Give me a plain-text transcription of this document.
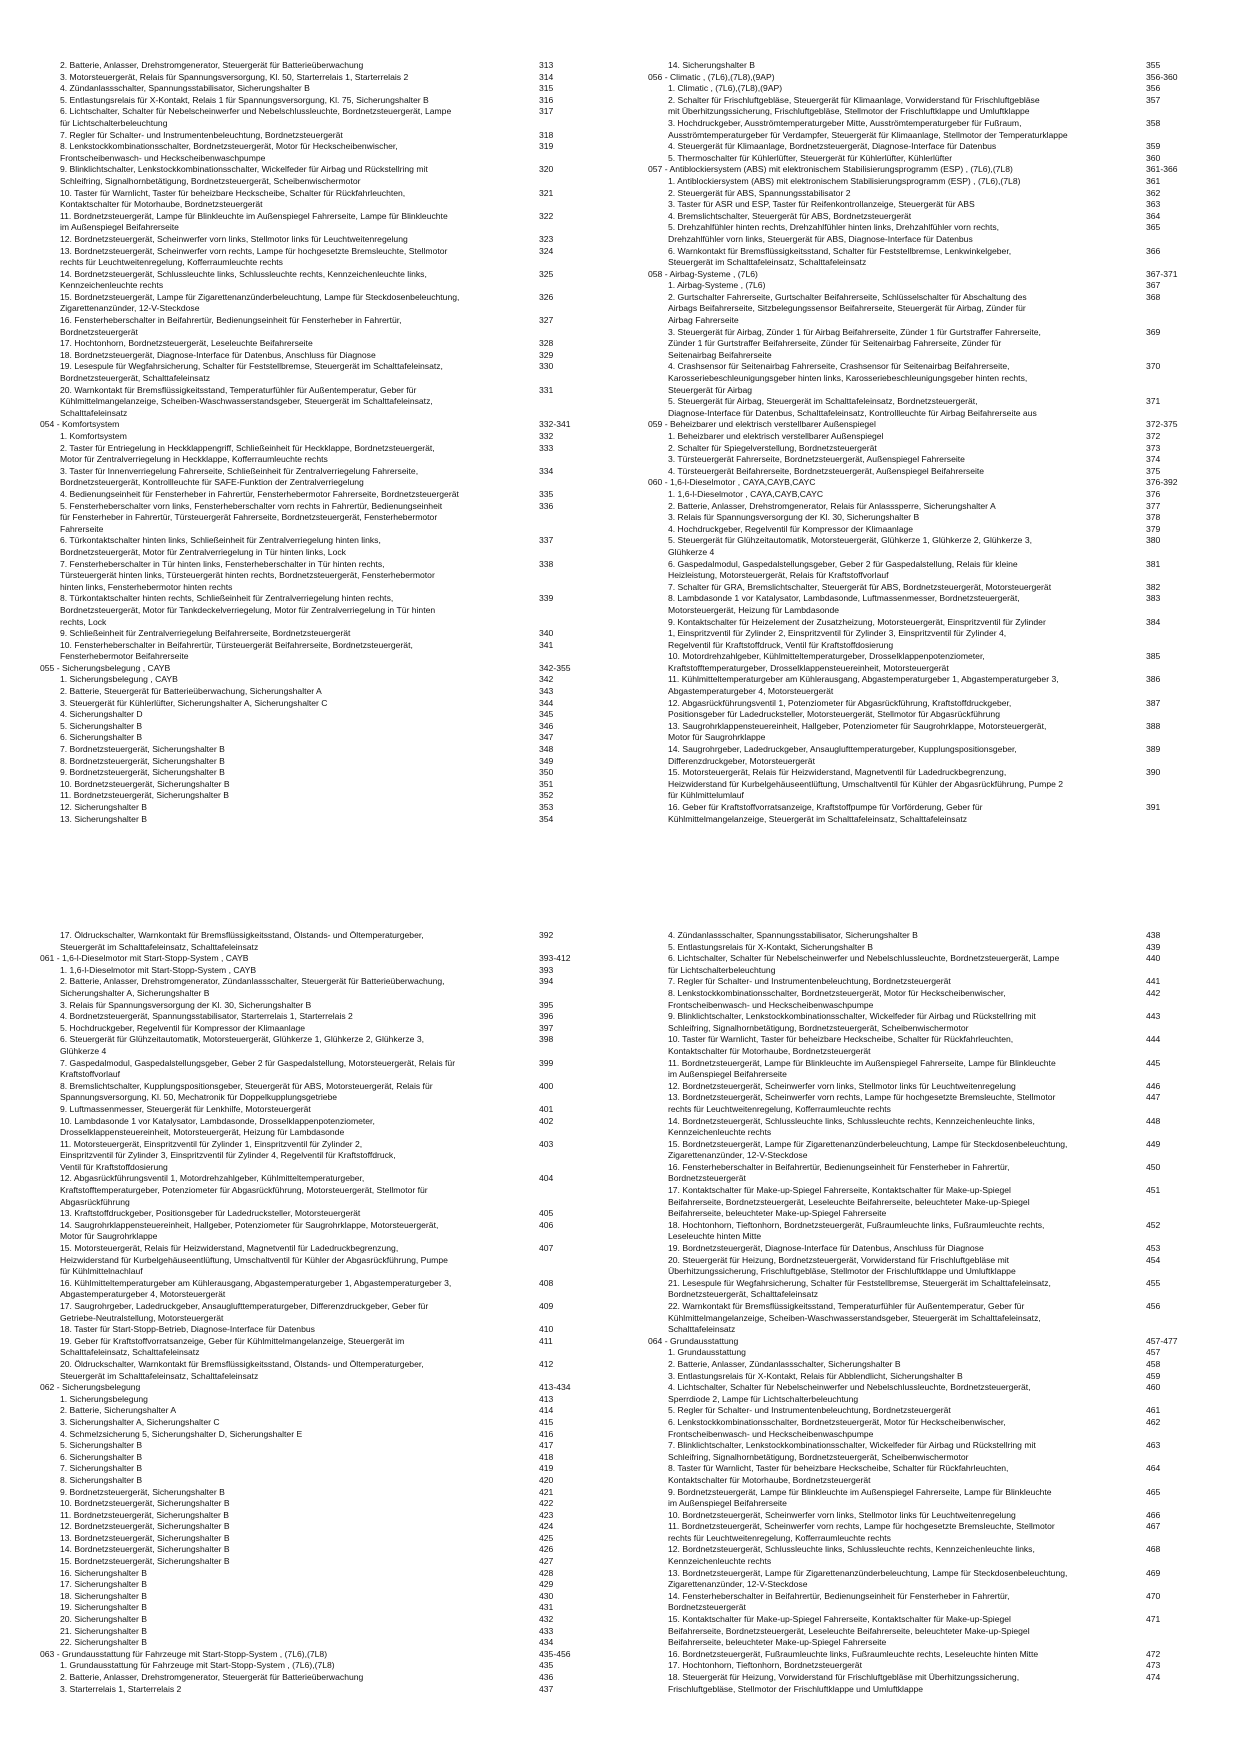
2. Batterie, Anlasser, Drehstromgenerator, Steuergerät für Batterieüberwachung	313

3. Motorsteuergerät, Relais für Spannungsversorgung, Kl. 50, Starterrelais 1, Starterrelais 2	314

4. Zündanlassschalter, Spannungsstabilisator, Sicherungshalter B	315

5. Entlastungsrelais für X-Kontakt, Relais 1 für Spannungsversorgung, Kl. 75, Sicherungshalter B	316

6. Lichtschalter, Schalter für Nebelscheinwerfer und Nebelschlussleuchte, Bordnetzsteuergerät, Lampe	317

für Lichtschalterbeleuchtung

7. Regler für Schalter- und Instrumentenbeleuchtung, Bordnetzsteuergerät	318

8. Lenkstockkombinationsschalter, Bordnetzsteuergerät, Motor für Heckscheibenwischer,	319

Frontscheibenwasch- und Heckscheibenwaschpumpe

9. Blinklichtschalter, Lenkstockkombinationsschalter, Wickelfeder für Airbag und Rückstellring mit	320

Schleifring, Signalhornbetätigung, Bordnetzsteuergerät, Scheibenwischermotor

10. Taster für Warnlicht, Taster für beheizbare Heckscheibe, Schalter für Rückfahrleuchten,	321

Kontaktschalter für Motorhaube, Bordnetzsteuergerät

11. Bordnetzsteuergerät, Lampe für Blinkleuchte im Außenspiegel Fahrerseite, Lampe für Blinkleuchte	322

im Außenspiegel Beifahrerseite

12. Bordnetzsteuergerät, Scheinwerfer vorn links, Stellmotor links für Leuchtweitenregelung	323

13. Bordnetzsteuergerät, Scheinwerfer vorn rechts, Lampe für hochgesetzte Bremsleuchte, Stellmotor	324

rechts für Leuchtweitenregelung, Kofferraumleuchte rechts

14. Bordnetzsteuergerät, Schlussleuchte links, Schlussleuchte rechts, Kennzeichenleuchte links,	325

Kennzeichenleuchte rechts

15. Bordnetzsteuergerät, Lampe für Zigarettenanzünderbeleuchtung, Lampe für Steckdosenbeleuchtung,	326

Zigarettenanzünder, 12-V-Steckdose

16. Fensterheberschalter in Beifahrertür, Bedienungseinheit für Fensterheber in Fahrertür,	327

Bordnetzsteuergerät

17. Hochtonhorn, Bordnetzsteuergerät, Leseleuchte Beifahrerseite	328

18. Bordnetzsteuergerät, Diagnose-Interface für Datenbus, Anschluss für Diagnose	329

19. Lesespule für Wegfahrsicherung, Schalter für Feststellbremse, Steuergerät im Schalttafeleinsatz,	330

Bordnetzsteuergerät, Schalttafeleinsatz

20. Warnkontakt für Bremsflüssigkeitsstand, Temperaturfühler für Außentemperatur, Geber für	331

Kühlmittelmangelanzeige, Scheiben-Waschwasserstandsgeber, Steuergerät im Schalttafeleinsatz,

Schalttafeleinsatz

054 - Komfortsystem	332-341

1. Komfortsystem	332

2. Taster für Entriegelung in Heckklappengriff, Schließeinheit für Heckklappe, Bordnetzsteuergerät,	333

Motor für Zentralverriegelung in Heckklappe, Kofferraumleuchte rechts

3. Taster für Innenverriegelung Fahrerseite, Schließeinheit für Zentralverriegelung Fahrerseite,	334

Bordnetzsteuergerät, Kontrollleuchte für SAFE-Funktion der Zentralverriegelung

4. Bedienungseinheit für Fensterheber in Fahrertür, Fensterhebermotor Fahrerseite, Bordnetzsteuergerät	335

5. Fensterheberschalter vorn links, Fensterheberschalter vorn rechts in Fahrertür, Bedienungseinheit	336

für Fensterheber in Fahrertür, Türsteuergerät Fahrerseite, Bordnetzsteuergerät, Fensterhebermotor

Fahrerseite

6. Türkontaktschalter hinten links, Schließeinheit für Zentralverriegelung hinten links,	337

Bordnetzsteuergerät, Motor für Zentralverriegelung in Tür hinten links, Lock

7. Fensterheberschalter in Tür hinten links, Fensterheberschalter in Tür hinten rechts,	338

Türsteuergerät hinten links, Türsteuergerät hinten rechts, Bordnetzsteuergerät, Fensterhebermotor

hinten links, Fensterhebermotor hinten rechts

8. Türkontaktschalter hinten rechts, Schließeinheit für Zentralverriegelung hinten rechts,	339

Bordnetzsteuergerät, Motor für Tankdeckelverriegelung, Motor für Zentralverriegelung in Tür hinten

rechts, Lock

9. Schließeinheit für Zentralverriegelung Beifahrerseite, Bordnetzsteuergerät	340

10. Fensterheberschalter in Beifahrertür, Türsteuergerät Beifahrerseite, Bordnetzsteuergerät,	341

Fensterhebermotor Beifahrerseite

055 - Sicherungsbelegung , CAYB	342-355

1. Sicherungsbelegung , CAYB	342

2. Batterie, Steuergerät für Batterieüberwachung, Sicherungshalter A	343

3. Steuergerät für Kühlerlüfter, Sicherungshalter A, Sicherungshalter C	344

4. Sicherungshalter D	345

5. Sicherungshalter B	346

6. Sicherungshalter B	347

7. Bordnetzsteuergerät, Sicherungshalter B	348

8. Bordnetzsteuergerät, Sicherungshalter B	349

9. Bordnetzsteuergerät, Sicherungshalter B	350

10. Bordnetzsteuergerät, Sicherungshalter B	351

11. Bordnetzsteuergerät, Sicherungshalter B	352

12. Sicherungshalter B	353

13. Sicherungshalter B	354

14. Sicherungshalter B	355

056 - Climatic , (7L6),(7L8),(9AP)	356-360

1. Climatic , (7L6),(7L8),(9AP)	356

2. Schalter für Frischluftgebläse, Steuergerät für Klimaanlage, Vorwiderstand für Frischluftgebläse	357

mit Überhitzungssicherung, Frischluftgebläse, Stellmotor der Frischluftklappe und Umluftklappe

3. Hochdruckgeber, Ausströmtemperaturgeber Mitte, Ausströmtemperaturgeber für Fußraum,	358

Ausströmtemperaturgeber für Verdampfer, Steuergerät für Klimaanlage, Stellmotor der Temperaturklappe

4. Steuergerät für Klimaanlage, Bordnetzsteuergerät, Diagnose-Interface für Datenbus	359

5. Thermoschalter für Kühlerlüfter, Steuergerät für Kühlerlüfter, Kühlerlüfter	360

057 - Antiblockiersystem (ABS) mit elektronischem Stabilisierungsprogramm (ESP) , (7L6),(7L8)	361-366

1. Antiblockiersystem (ABS) mit elektronischem Stabilisierungsprogramm (ESP) , (7L6),(7L8)	361

2. Steuergerät für ABS, Spannungsstabilisator 2	362

3. Taster für ASR und ESP, Taster für Reifenkontrollanzeige, Steuergerät für ABS	363

4. Bremslichtschalter, Steuergerät für ABS, Bordnetzsteuergerät	364

5. Drehzahlfühler hinten rechts, Drehzahlfühler hinten links, Drehzahlfühler vorn rechts,	365

Drehzahlfühler vorn links, Steuergerät für ABS, Diagnose-Interface für Datenbus

6. Warnkontakt für Bremsflüssigkeitsstand, Schalter für Feststellbremse, Lenkwinkelgeber,	366

Steuergerät im Schalttafeleinsatz, Schalttafeleinsatz

058 - Airbag-Systeme , (7L6)	367-371

1. Airbag-Systeme , (7L6)	367

2. Gurtschalter Fahrerseite, Gurtschalter Beifahrerseite, Schlüsselschalter für Abschaltung des	368

Airbags Beifahrerseite, Sitzbelegungssensor Beifahrerseite, Steuergerät für Airbag, Zünder für

Airbag Fahrerseite

3. Steuergerät für Airbag, Zünder 1 für Airbag Beifahrerseite, Zünder 1 für Gurtstraffer Fahrerseite,	369

Zünder 1 für Gurtstraffer Beifahrerseite, Zünder für Seitenairbag Fahrerseite, Zünder für

Seitenairbag Beifahrerseite

4. Crashsensor für Seitenairbag Fahrerseite, Crashsensor für Seitenairbag Beifahrerseite,	370

Karosseriebeschleunigungsgeber hinten links, Karosseriebeschleunigungsgeber hinten rechts,

Steuergerät für Airbag

5. Steuergerät für Airbag, Steuergerät im Schalttafeleinsatz, Bordnetzsteuergerät,	371

Diagnose-Interface für Datenbus, Schalttafeleinsatz, Kontrollleuchte für Airbag Beifahrerseite aus

059 - Beheizbarer und elektrisch verstellbarer Außenspiegel	372-375

1. Beheizbarer und elektrisch verstellbarer Außenspiegel	372

2. Schalter für Spiegelverstellung, Bordnetzsteuergerät	373

3. Türsteuergerät Fahrerseite, Bordnetzsteuergerät, Außenspiegel Fahrerseite	374

4. Türsteuergerät Beifahrerseite, Bordnetzsteuergerät, Außenspiegel Beifahrerseite	375

060 - 1,6-l-Dieselmotor , CAYA,CAYB,CAYC	376-392

1. 1,6-l-Dieselmotor , CAYA,CAYB,CAYC	376

2. Batterie, Anlasser, Drehstromgenerator, Relais für Anlasssperre, Sicherungshalter A	377

3. Relais für Spannungsversorgung der Kl. 30, Sicherungshalter B	378

4. Hochdruckgeber, Regelventil für Kompressor der Klimaanlage	379

5. Steuergerät für Glühzeitautomatik, Motorsteuergerät, Glühkerze 1, Glühkerze 2, Glühkerze 3,	380

Glühkerze 4

6. Gaspedalmodul, Gaspedalstellungsgeber, Geber 2 für Gaspedalstellung, Relais für kleine	381

Heizleistung, Motorsteuergerät, Relais für Kraftstoffvorlauf

7. Schalter für GRA, Bremslichtschalter, Steuergerät für ABS, Bordnetzsteuergerät, Motorsteuergerät	382

8. Lambdasonde 1 vor Katalysator, Lambdasonde, Luftmassenmesser, Bordnetzsteuergerät,	383

Motorsteuergerät, Heizung für Lambdasonde

9. Kontaktschalter für Heizelement der Zusatzheizung, Motorsteuergerät, Einspritzventil für Zylinder	384

1, Einspritzventil für Zylinder 2, Einspritzventil für Zylinder 3, Einspritzventil für Zylinder 4,

Regelventil für Kraftstoffdruck, Ventil für Kraftstoffdosierung

10. Motordrehzahlgeber, Kühlmitteltemperaturgeber, Drosselklappenpotenziometer,	385

Kraftstofftemperaturgeber, Drosselklappensteuereinheit, Motorsteuergerät

11. Kühlmitteltemperaturgeber am Kühlerausgang, Abgastemperaturgeber 1, Abgastemperaturgeber 3,	386

Abgastemperaturgeber 4, Motorsteuergerät

12. Abgasrückführungsventil 1, Potenziometer für Abgasrückführung, Kraftstoffdruckgeber,	387

Positionsgeber für Ladedrucksteller, Motorsteuergerät, Stellmotor für Abgasrückführung

13. Saugrohrklappensteuereinheit, Hallgeber, Potenziometer für Saugrohrklappe, Motorsteuergerät,	388

Motor für Saugrohrklappe

14. Saugrohrgeber, Ladedruckgeber, Ansauglufttemperaturgeber, Kupplungspositionsgeber,	389

Differenzdruckgeber, Motorsteuergerät

15. Motorsteuergerät, Relais für Heizwiderstand, Magnetventil für Ladedruckbegrenzung,	390

Heizwiderstand für Kurbelgehäuseentlüftung, Umschaltventil für Kühler der Abgasrückführung, Pumpe 2

für Kühlmittelumlauf

16. Geber für Kraftstoffvorratsanzeige, Kraftstoffpumpe für Vorförderung, Geber für	391

Kühlmittelmangelanzeige, Steuergerät im Schalttafeleinsatz, Schalttafeleinsatz

17. Öldruckschalter, Warnkontakt für Bremsflüssigkeitsstand, Ölstands- und Öltemperaturgeber,	392

Steuergerät im Schalttafeleinsatz, Schalttafeleinsatz

061 - 1,6-l-Dieselmotor mit Start-Stopp-System , CAYB	393-412

1. 1,6-l-Dieselmotor mit Start-Stopp-System , CAYB	393

2. Batterie, Anlasser, Drehstromgenerator, Zündanlassschalter, Steuergerät für Batterieüberwachung,	394

Sicherungshalter A, Sicherungshalter B

3. Relais für Spannungsversorgung der Kl. 30, Sicherungshalter B	395

4. Bordnetzsteuergerät, Spannungsstabilisator, Starterrelais 1, Starterrelais 2	396

5. Hochdruckgeber, Regelventil für Kompressor der Klimaanlage	397

6. Steuergerät für Glühzeitautomatik, Motorsteuergerät, Glühkerze 1, Glühkerze 2, Glühkerze 3,	398

Glühkerze 4

7. Gaspedalmodul, Gaspedalstellungsgeber, Geber 2 für Gaspedalstellung, Motorsteuergerät, Relais für	399

Kraftstoffvorlauf

8. Bremslichtschalter, Kupplungspositionsgeber, Steuergerät für ABS, Motorsteuergerät, Relais für	400

Spannungsversorgung, Kl. 50, Mechatronik für Doppelkupplungsgetriebe

9. Luftmassenmesser, Steuergerät für Lenkhilfe, Motorsteuergerät	401

10. Lambdasonde 1 vor Katalysator, Lambdasonde, Drosselklappenpotenziometer,	402

Drosselklappensteuereinheit, Motorsteuergerät, Heizung für Lambdasonde

11. Motorsteuergerät, Einspritzventil für Zylinder 1, Einspritzventil für Zylinder 2,	403

Einspritzventil für Zylinder 3, Einspritzventil für Zylinder 4, Regelventil für Kraftstoffdruck,

Ventil für Kraftstoffdosierung

12. Abgasrückführungsventil 1, Motordrehzahlgeber, Kühlmitteltemperaturgeber,	404

Kraftstofftemperaturgeber, Potenziometer für Abgasrückführung, Motorsteuergerät, Stellmotor für

Abgasrückführung

13. Kraftstoffdruckgeber, Positionsgeber für Ladedrucksteller, Motorsteuergerät	405

14. Saugrohrklappensteuereinheit, Hallgeber, Potenziometer für Saugrohrklappe, Motorsteuergerät,	406

Motor für Saugrohrklappe

15. Motorsteuergerät, Relais für Heizwiderstand, Magnetventil für Ladedruckbegrenzung,	407

Heizwiderstand für Kurbelgehäuseentlüftung, Umschaltventil für Kühler der Abgasrückführung, Pumpe

für Kühlmittelnachlauf

16. Kühlmitteltemperaturgeber am Kühlerausgang, Abgastemperaturgeber 1, Abgastemperaturgeber 3,	408

Abgastemperaturgeber 4, Motorsteuergerät

17. Saugrohrgeber, Ladedruckgeber, Ansauglufttemperaturgeber, Differenzdruckgeber, Geber für	409

Getriebe-Neutralstellung, Motorsteuergerät

18. Taster für Start-Stopp-Betrieb, Diagnose-Interface für Datenbus	410

19. Geber für Kraftstoffvorratsanzeige, Geber für Kühlmittelmangelanzeige, Steuergerät im	411

Schalttafeleinsatz, Schalttafeleinsatz

20. Öldruckschalter, Warnkontakt für Bremsflüssigkeitsstand, Ölstands- und Öltemperaturgeber,	412

Steuergerät im Schalttafeleinsatz, Schalttafeleinsatz

062 - Sicherungsbelegung	413-434

1. Sicherungsbelegung	413

2. Batterie, Sicherungshalter A	414

3. Sicherungshalter A, Sicherungshalter C	415

4. Schmelzsicherung 5, Sicherungshalter D, Sicherungshalter E	416

5. Sicherungshalter B	417

6. Sicherungshalter B	418

7. Sicherungshalter B	419

8. Sicherungshalter B	420

9. Bordnetzsteuergerät, Sicherungshalter B	421

10. Bordnetzsteuergerät, Sicherungshalter B	422

11. Bordnetzsteuergerät, Sicherungshalter B	423

12. Bordnetzsteuergerät, Sicherungshalter B	424

13. Bordnetzsteuergerät, Sicherungshalter B	425

14. Bordnetzsteuergerät, Sicherungshalter B	426

15. Bordnetzsteuergerät, Sicherungshalter B	427

16. Sicherungshalter B	428

17. Sicherungshalter B	429

18. Sicherungshalter B	430

19. Sicherungshalter B	431

20. Sicherungshalter B	432

21. Sicherungshalter B	433

22. Sicherungshalter B	434

063 - Grundausstattung für Fahrzeuge mit Start-Stopp-System , (7L6),(7L8)	435-456

1. Grundausstattung für Fahrzeuge mit Start-Stopp-System , (7L6),(7L8)	435

2. Batterie, Anlasser, Drehstromgenerator, Steuergerät für Batterieüberwachung	436

3. Starterrelais 1, Starterrelais 2	437

4. Zündanlassschalter, Spannungsstabilisator, Sicherungshalter B	438

5. Entlastungsrelais für X-Kontakt, Sicherungshalter B	439

6. Lichtschalter, Schalter für Nebelscheinwerfer und Nebelschlussleuchte, Bordnetzsteuergerät, Lampe	440

für Lichtschalterbeleuchtung

7. Regler für Schalter- und Instrumentenbeleuchtung, Bordnetzsteuergerät	441

8. Lenkstockkombinationsschalter, Bordnetzsteuergerät, Motor für Heckscheibenwischer,	442

Frontscheibenwasch- und Heckscheibenwaschpumpe

9. Blinklichtschalter, Lenkstockkombinationsschalter, Wickelfeder für Airbag und Rückstellring mit	443

Schleifring, Signalhornbetätigung, Bordnetzsteuergerät, Scheibenwischermotor

10. Taster für Warnlicht, Taster für beheizbare Heckscheibe, Schalter für Rückfahrleuchten,	444

Kontaktschalter für Motorhaube, Bordnetzsteuergerät

11. Bordnetzsteuergerät, Lampe für Blinkleuchte im Außenspiegel Fahrerseite, Lampe für Blinkleuchte	445

im Außenspiegel Beifahrerseite

12. Bordnetzsteuergerät, Scheinwerfer vorn links, Stellmotor links für Leuchtweitenregelung	446

13. Bordnetzsteuergerät, Scheinwerfer vorn rechts, Lampe für hochgesetzte Bremsleuchte, Stellmotor	447

rechts für Leuchtweitenregelung, Kofferraumleuchte rechts

14. Bordnetzsteuergerät, Schlussleuchte links, Schlussleuchte rechts, Kennzeichenleuchte links,	448

Kennzeichenleuchte rechts

15. Bordnetzsteuergerät, Lampe für Zigarettenanzünderbeleuchtung, Lampe für Steckdosenbeleuchtung,	449

Zigarettenanzünder, 12-V-Steckdose

16. Fensterheberschalter in Beifahrertür, Bedienungseinheit für Fensterheber in Fahrertür,	450

Bordnetzsteuergerät

17. Kontaktschalter für Make-up-Spiegel Fahrerseite, Kontaktschalter für Make-up-Spiegel	451

Beifahrerseite, Bordnetzsteuergerät, Leseleuchte Beifahrerseite, beleuchteter Make-up-Spiegel

Beifahrerseite, beleuchteter Make-up-Spiegel Fahrerseite

18. Hochtonhorn, Tieftonhorn, Bordnetzsteuergerät, Fußraumleuchte links, Fußraumleuchte rechts,	452

Leseleuchte hinten Mitte

19. Bordnetzsteuergerät, Diagnose-Interface für Datenbus, Anschluss für Diagnose	453

20. Steuergerät für Heizung, Bordnetzsteuergerät, Vorwiderstand für Frischluftgebläse mit	454

Überhitzungssicherung, Frischluftgebläse, Stellmotor der Frischluftklappe und Umluftklappe

21. Lesespule für Wegfahrsicherung, Schalter für Feststellbremse, Steuergerät im Schalttafeleinsatz,	455

Bordnetzsteuergerät, Schalttafeleinsatz

22. Warnkontakt für Bremsflüssigkeitsstand, Temperaturfühler für Außentemperatur, Geber für	456

Kühlmittelmangelanzeige, Scheiben-Waschwasserstandsgeber, Steuergerät im Schalttafeleinsatz,

Schalttafeleinsatz

064 - Grundausstattung	457-477

1. Grundausstattung	457

2. Batterie, Anlasser, Zündanlassschalter, Sicherungshalter B	458

3. Entlastungsrelais für X-Kontakt, Relais für Abblendlicht, Sicherungshalter B	459

4. Lichtschalter, Schalter für Nebelscheinwerfer und Nebelschlussleuchte, Bordnetzsteuergerät,	460

Sperrdiode 2, Lampe für Lichtschalterbeleuchtung

5. Regler für Schalter- und Instrumentenbeleuchtung, Bordnetzsteuergerät	461

6. Lenkstockkombinationsschalter, Bordnetzsteuergerät, Motor für Heckscheibenwischer,	462

Frontscheibenwasch- und Heckscheibenwaschpumpe

7. Blinklichtschalter, Lenkstockkombinationsschalter, Wickelfeder für Airbag und Rückstellring mit	463

Schleifring, Signalhornbetätigung, Bordnetzsteuergerät, Scheibenwischermotor

8. Taster für Warnlicht, Taster für beheizbare Heckscheibe, Schalter für Rückfahrleuchten,	464

Kontaktschalter für Motorhaube, Bordnetzsteuergerät

9. Bordnetzsteuergerät, Lampe für Blinkleuchte im Außenspiegel Fahrerseite, Lampe für Blinkleuchte	465

im Außenspiegel Beifahrerseite

10. Bordnetzsteuergerät, Scheinwerfer vorn links, Stellmotor links für Leuchtweitenregelung	466

11. Bordnetzsteuergerät, Scheinwerfer vorn rechts, Lampe für hochgesetzte Bremsleuchte, Stellmotor	467

rechts für Leuchtweitenregelung, Kofferraumleuchte rechts

12. Bordnetzsteuergerät, Schlussleuchte links, Schlussleuchte rechts, Kennzeichenleuchte links,	468

Kennzeichenleuchte rechts

13. Bordnetzsteuergerät, Lampe für Zigarettenanzünderbeleuchtung, Lampe für Steckdosenbeleuchtung,	469

Zigarettenanzünder, 12-V-Steckdose

14. Fensterheberschalter in Beifahrertür, Bedienungseinheit für Fensterheber in Fahrertür,	470

Bordnetzsteuergerät

15. Kontaktschalter für Make-up-Spiegel Fahrerseite, Kontaktschalter für Make-up-Spiegel	471

Beifahrerseite, Bordnetzsteuergerät, Leseleuchte Beifahrerseite, beleuchteter Make-up-Spiegel

Beifahrerseite, beleuchteter Make-up-Spiegel Fahrerseite

16. Bordnetzsteuergerät, Fußraumleuchte links, Fußraumleuchte rechts, Leseleuchte hinten Mitte	472

17. Hochtonhorn, Tieftonhorn, Bordnetzsteuergerät	473

18. Steuergerät für Heizung, Vorwiderstand für Frischluftgebläse mit Überhitzungssicherung,	474

Frischluftgebläse, Stellmotor der Frischluftklappe und Umluftklappe
